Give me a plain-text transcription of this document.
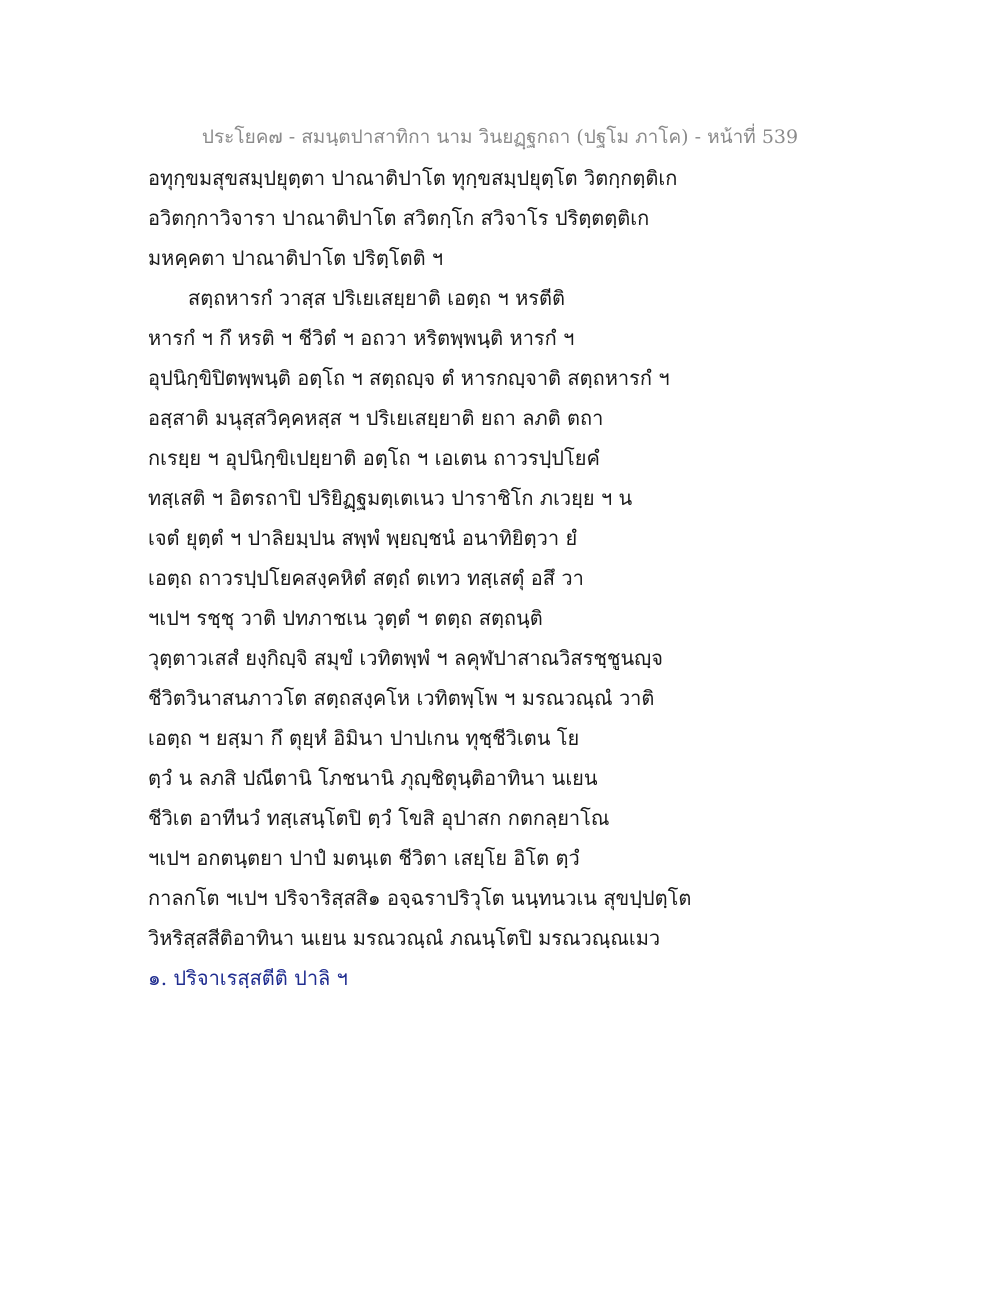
ประโยค๗ - สมนฺตปาสาทิกา นาม วินยฏฺฐกถา (ปฐโม ภาโค) - หน้าที่ 539
อทุกฺขมสุขสมฺปยุตฺตา ปาณาติปาโต ทุกฺขสมฺปยุตฺโต วิตกฺกตฺติเก
อวิตกฺกาวิจารา ปาณาติปาโต สวิตกฺโก สวิจาโร ปริตฺตตฺติเก
มหคฺคตา ปาณาติปาโต ปริตฺโตติ ฯ
สตฺถหารกํ วาสฺส ปริเยเสยฺยาติ เอตฺถ ฯ หรตีติ
หารกํ ฯ กึ หรติ ฯ ชีวิตํ ฯ อถวา หริตพฺพนฺติ หารกํ ฯ
อุปนิกฺขิปิตพฺพนฺติ อตฺโถ ฯ สตฺถญฺจ ตํ หารกญฺจาติ สตฺถหารกํ ฯ
อสฺสาติ มนุสฺสวิคฺคหสฺส ฯ ปริเยเสยฺยาติ ยถา ลภติ ตถา
กเรยฺย ฯ อุปนิกฺขิเปยฺยาติ อตฺโถ ฯ เอเตน ถาวรปฺปโยคํ
ทสฺเสติ ฯ อิตรถาปิ ปริยิฏฺฐมตฺเตเนว ปาราชิโก ภเวยฺย ฯ น
เจตํ ยุตฺตํ ฯ ปาลิยมฺปน สพฺพํ พฺยญฺชนํ อนาทิยิตฺวา ยํ
เอตฺถ ถาวรปฺปโยคสงฺคหิตํ สตฺถํ ตเทว ทสฺเสตุํ อสึ วา
ฯเปฯ รชฺชุ วาติ ปทภาชเน วุตฺตํ ฯ ตตฺถ สตฺถนฺติ
วุตฺตาวเสสํ ยงฺกิญฺจิ สมุขํ เวทิตพฺพํ ฯ ลคุฬปาสาณวิสรชฺชูนญฺจ
ชีวิตวินาสนภาวโต สตฺถสงฺคโห เวทิตพฺโพ ฯ มรณวณฺณํ วาติ
เอตฺถ ฯ ยสฺมา กึ ตุยฺหํ อิมินา ปาปเกน ทุชฺชีวิเตน โย
ตฺวํ น ลภสิ ปณีตานิ โภชนานิ ภุญฺชิตุนฺติอาทินา นเยน
ชีวิเต อาทีนวํ ทสฺเสนฺโตปิ ตฺวํ โขสิ อุปาสก กตกลฺยาโณ
ฯเปฯ อกตนฺตยา ปาปํ มตนฺเต ชีวิตา เสยฺโย อิโต ตฺวํ
กาลกโต ฯเปฯ ปริจาริสฺสสิ๑ อจฺฉราปริวุโต นนฺทนวเน สุขปฺปตฺโต
วิหริสฺสสีติอาทินา นเยน มรณวณฺณํ ภณนฺโตปิ มรณวณฺณเมว
๑. ปริจาเรสฺสตีติ ปาลิ ฯ
